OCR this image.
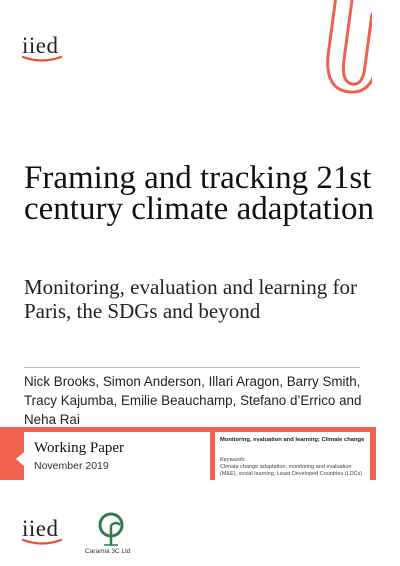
iied
Framing and tracking 21st century climate adaptation
Monitoring, evaluation and learning for Paris, the SDGs and beyond

Nick Brooks, Simon Anderson, Illari Aragon, Barry Smith, Tracy Kajumba, Emilie Beauchamp, Stefano d’Errico and Neha Rai

Working Paper
November 2019
Monitoring, evaluation and learning; Climate change
Keywords:
Climate change adaptation, monitoring and evaluation (M&E), social learning, Least Developed Countries (LDCs)
iied
Caramia 3C Ltd
